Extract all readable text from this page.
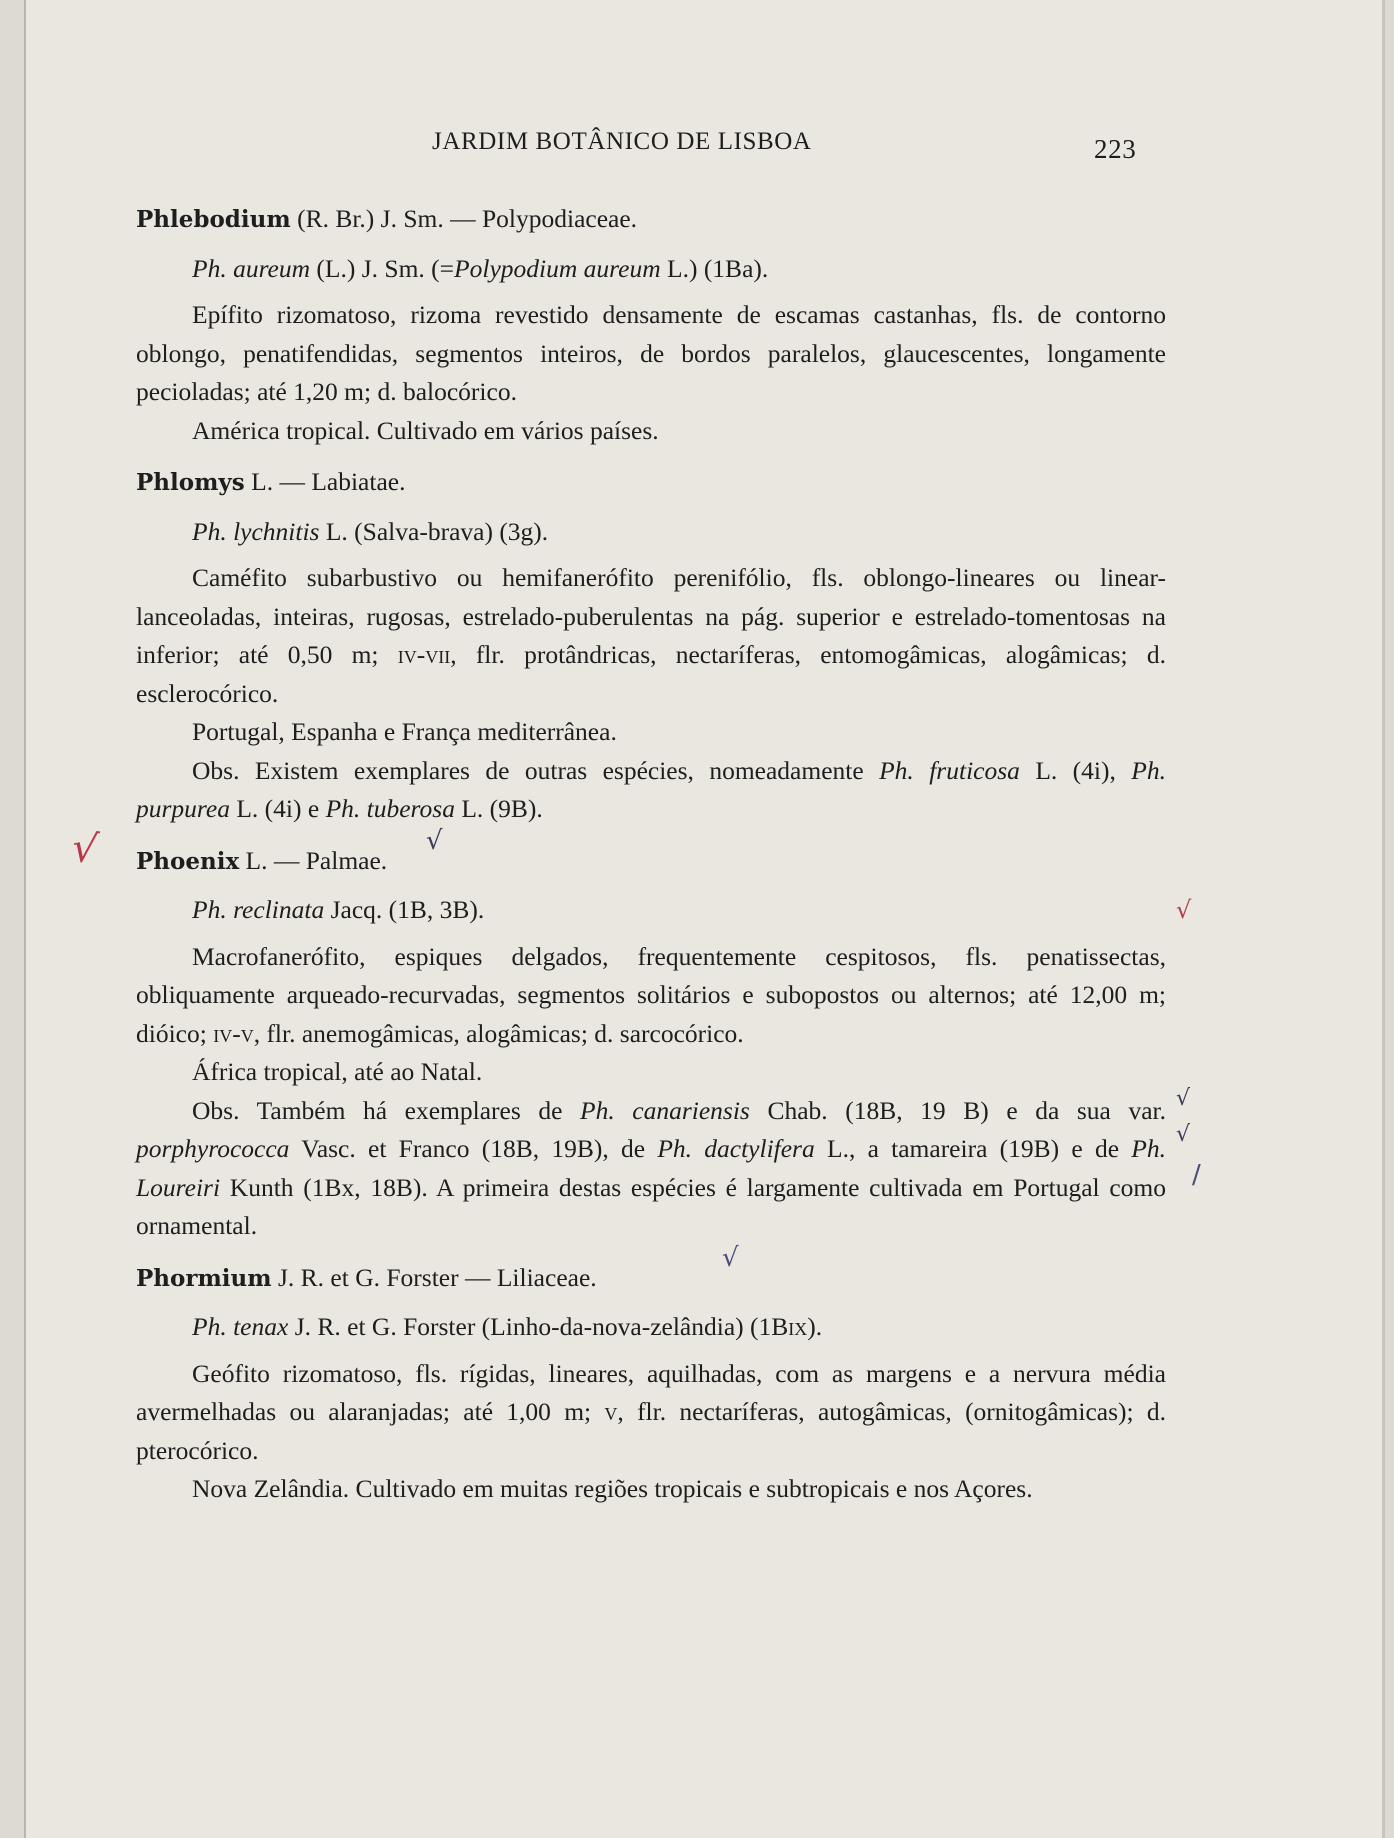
JARDIM BOTÂNICO DE LISBOA	223
Phlebodium (R. Br.) J. Sm. — Polypodiaceae.
Ph. aureum (L.) J. Sm. (=Polypodium aureum L.) (1Ba).

Epífito rizomatoso, rizoma revestido densamente de escamas castanhas, fls. de contorno oblongo, penatifendidas, segmentos inteiros, de bordos paralelos, glaucescentes, longamente pecioladas; até 1,20 m; d. balocórico.

América tropical. Cultivado em vários países.

Phlomys L. — Labiatae.
Ph. lychnitis L. (Salva-brava) (3g).

Caméfito subarbustivo ou hemifanerófito perenifólio, fls. oblongo-lineares ou linear-lanceoladas, inteiras, rugosas, estrelado-puberulentas na pág. superior e estrelado-tomentosas na inferior; até 0,50 m; iv-vii, flr. protândricas, nectaríferas, entomogâmicas, alogâmicas; d. esclerocórico.

Portugal, Espanha e França mediterrânea.

Obs. Existem exemplares de outras espécies, nomeadamente Ph. fruticosa L. (4i), Ph. purpurea L. (4i) e Ph. tuberosa L. (9B).

√ Phoenix L. — Palmae.
√
Ph. reclinata Jacq. (1B, 3B).	√

Macrofanerófito, espiques delgados, frequentemente cespitosos, fls. penatissectas, obliquamente arqueado-recurvadas, segmentos solitários e subopostos ou alternos; até 12,00 m; dióico; iv-v, flr. anemogâmicas, alogâmicas; d. sarcocórico.

África tropical, até ao Natal.

Obs. Também há exemplares de Ph. canariensis Chab. (18B, 19 B) e da sua var. porphyrococca Vasc. et Franco (18B, 19B), de Ph. dactylifera L., a tamareira (19B) e de Ph. Loureiri Kunth (1Bx, 18B). A primeira destas espécies é largamente cultivada em Portugal como ornamental.
√
√
/

Phormium J. R. et G. Forster — Liliaceae.
√
Ph. tenax J. R. et G. Forster (Linho-da-nova-zelândia) (1Bix).

Geófito rizomatoso, fls. rígidas, lineares, aquilhadas, com as margens e a nervura média avermelhadas ou alaranjadas; até 1,00 m; v, flr. nectaríferas, autogâmicas, (ornitogâmicas); d. pterocórico.

Nova Zelândia. Cultivado em muitas regiões tropicais e subtropicais e nos Açores.
